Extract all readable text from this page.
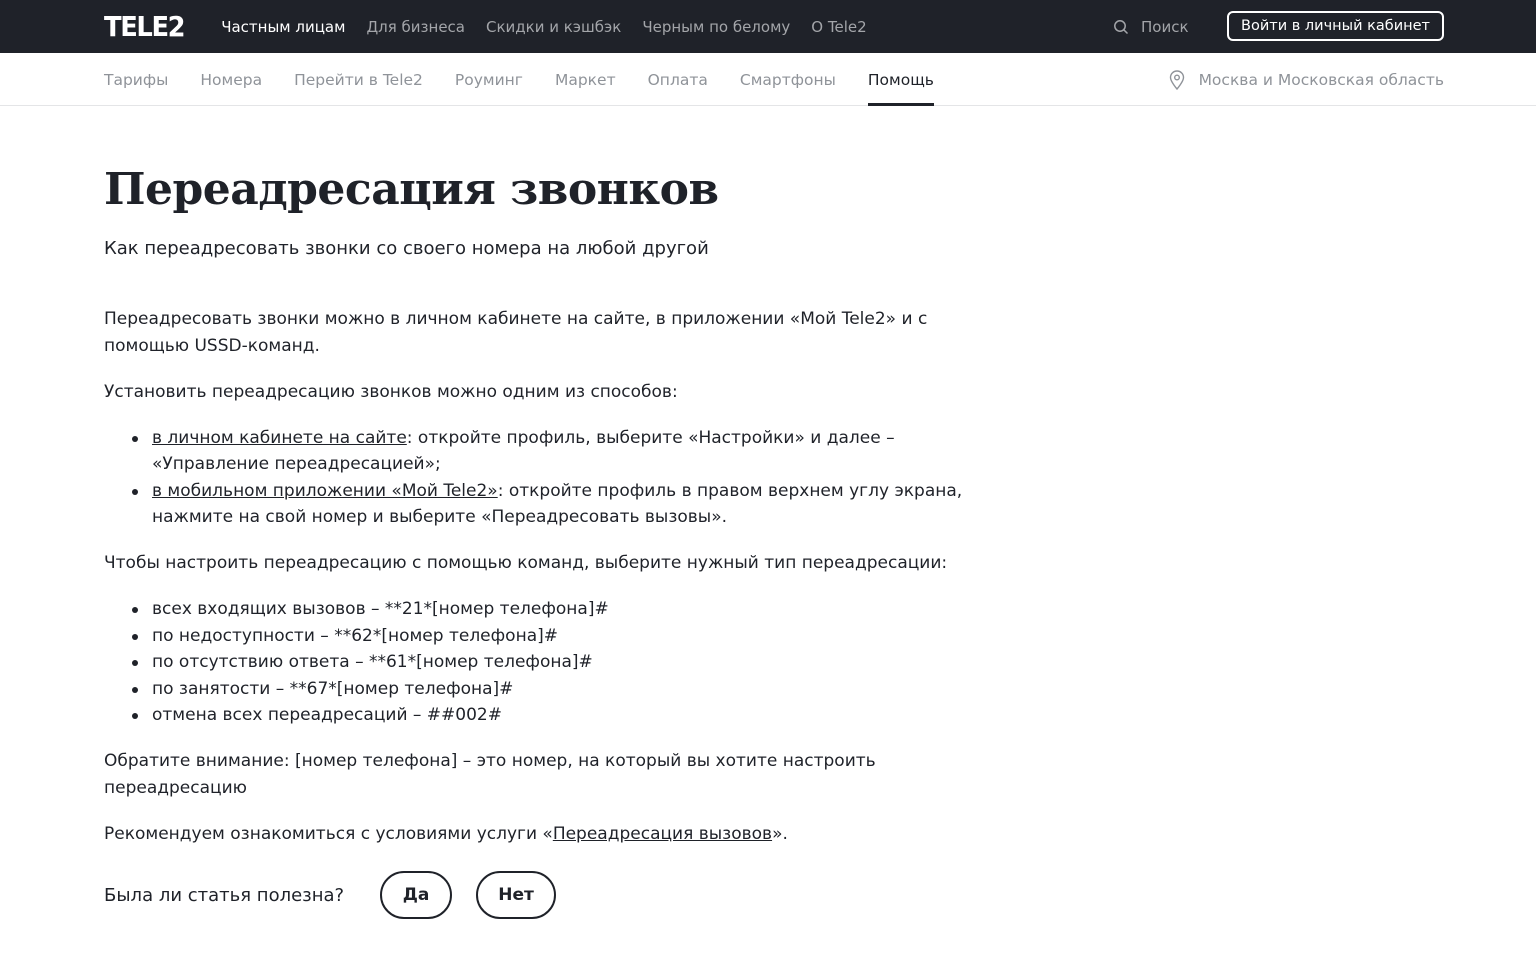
TELE2 Частным лицам Для бизнеса Скидки и кэшбэк Черным по белому О Tele2	Поиск	Войти в личный кабинет
Тарифы Номера Перейти в Tele2 Роуминг Маркет Оплата Смартфоны Помощь	Москва и Московская область
Переадресация звонков
Как переадресовать звонки со своего номера на любой другой

Переадресовать звонки можно в личном кабинете на сайте, в приложении «Мой Tele2» и с помощью USSD-команд.

Установить переадресацию звонков можно одним из способов:

в личном кабинете на сайте: откройте профиль, выберите «Настройки» и далее – «Управление переадресацией»;
в мобильном приложении «Мой Tele2»: откройте профиль в правом верхнем углу экрана, нажмите на свой номер и выберите «Переадресовать вызовы».

Чтобы настроить переадресацию с помощью команд, выберите нужный тип переадресации:

всех входящих вызовов – **21*[номер телефона]#
по недоступности – **62*[номер телефона]#
по отсутствию ответа – **61*[номер телефона]#
по занятости – **67*[номер телефона]#
отмена всех переадресаций – ##002#

Обратите внимание: [номер телефона] – это номер, на который вы хотите настроить переадресацию

Рекомендуем ознакомиться с условиями услуги «Переадресация вызовов».

Была ли статья полезна?	Да	Нет
